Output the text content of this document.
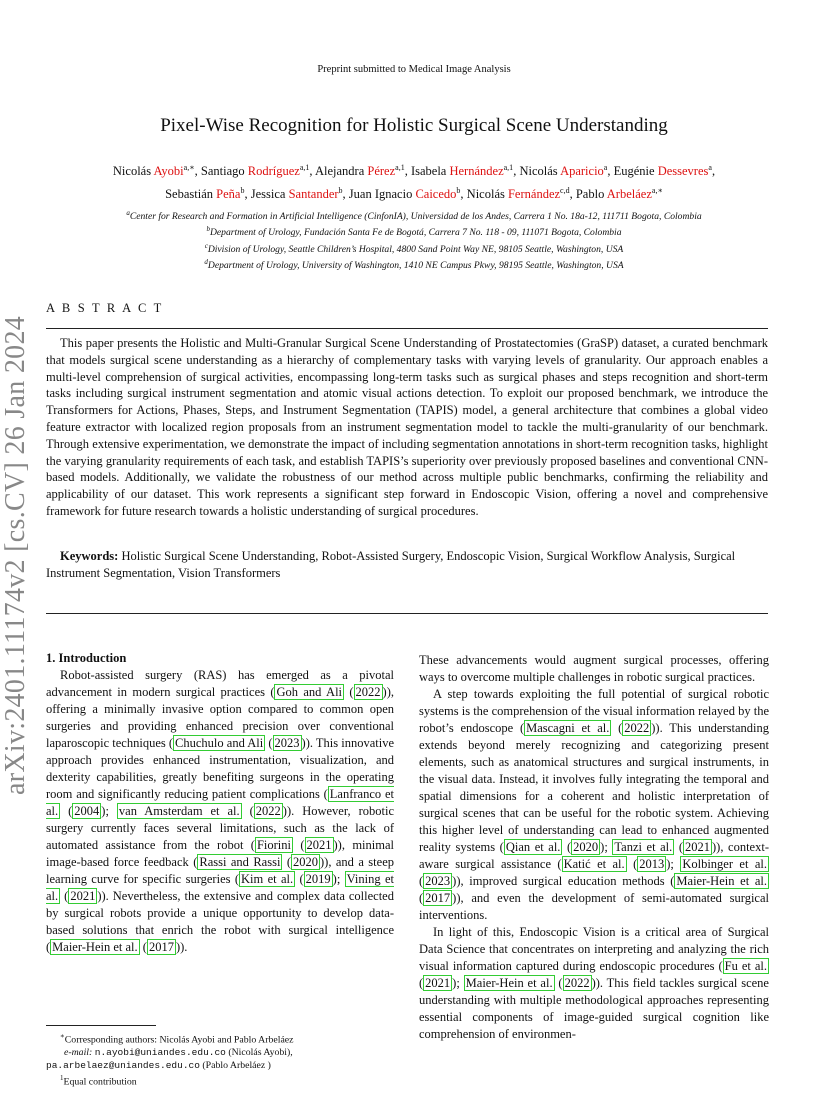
Preprint submitted to Medical Image Analysis
Pixel-Wise Recognition for Holistic Surgical Scene Understanding
Nicolás Ayobi$^{a,∗}$, Santiago Rodríguez$^{a,1}$, Alejandra Pérez$^{a,1}$, Isabela Hernández$^{a,1}$, Nicolás Aparicio$^a$, Eugénie Dessevres$^a$,
Sebastián Peña$^b$, Jessica Santander$^b$, Juan Ignacio Caicedo$^b$, Nicolás Fernández$^{c,d}$, Pablo Arbeláez$^{a,∗}$
$^a$Center for Research and Formation in Artificial Intelligence (CinfonIA), Universidad de los Andes, Carrera 1 No. 18a-12, 111711 Bogota, Colombia
$^b$Department of Urology, Fundación Santa Fe de Bogotá, Carrera 7 No. 118 - 09, 111071 Bogota, Colombia
$^c$Division of Urology, Seattle Children’s Hospital, 4800 Sand Point Way NE, 98105 Seattle, Washington, USA
$^d$Department of Urology, University of Washington, 1410 NE Campus Pkwy, 98195 Seattle, Washington, USA
arXiv:2401.11174v2 [cs.CV] 26 Jan 2024
A B S T R A C T
This paper presents the Holistic and Multi-Granular Surgical Scene Understanding of Prostatectomies (GraSP) dataset, a curated benchmark that models surgical scene understanding as a hierarchy of complementary tasks with varying levels of granularity. Our approach enables a multi-level comprehension of surgical activities, encompassing long-term tasks such as surgical phases and steps recognition and short-term tasks including surgical instrument segmentation and atomic visual actions detection. To exploit our proposed benchmark, we introduce the Transformers for Actions, Phases, Steps, and Instrument Segmentation (TAPIS) model, a general architecture that combines a global video feature extractor with localized region proposals from an instrument segmentation model to tackle the multi-granularity of our benchmark. Through extensive experimentation, we demonstrate the impact of including segmentation annotations in short-term recognition tasks, highlight the varying granularity requirements of each task, and establish TAPIS’s superiority over previously proposed baselines and conventional CNN-based models. Additionally, we validate the robustness of our method across multiple public benchmarks, confirming the reliability and applicability of our dataset. This work represents a significant step forward in Endoscopic Vision, offering a novel and comprehensive framework for future research towards a holistic understanding of surgical procedures.
Keywords: Holistic Surgical Scene Understanding, Robot-Assisted Surgery, Endoscopic Vision, Surgical Workflow Analysis, Surgical Instrument Segmentation, Vision Transformers

1. Introduction

Robot-assisted surgery (RAS) has emerged as a pivotal advancement in modern surgical practices ( Goh and Ali ( 2022 )), offering a minimally invasive option compared to common open surgeries and providing enhanced precision over conventional laparoscopic techniques ( Chuchulo and Ali ( 2023 )). This innovative approach provides enhanced instrumentation, visualization, and dexterity capabilities, greatly benefiting surgeons in the operating room and significantly reducing patient complications ( Lanfranco et al. ( 2004 ); van Amsterdam et al. ( 2022 )). However, robotic surgery currently faces several limitations, such as the lack of automated assistance from the robot ( Fiorini ( 2021 )), minimal image-based force feedback ( Rassi and Rassi ( 2020 )), and a steep learning curve for specific surgeries ( Kim et al. ( 2019 ); Vining et al. ( 2021 )). Nevertheless, the extensive and complex data collected by surgical robots provide a unique opportunity to develop data-based solutions that enrich the robot with surgical intelligence ( Maier-Hein et al. ( 2017 )).

These advancements would augment surgical processes, offering ways to overcome multiple challenges in robotic surgical practices.

A step towards exploiting the full potential of surgical robotic systems is the comprehension of the visual information relayed by the robot’s endoscope ( Mascagni et al. ( 2022 )). This understanding extends beyond merely recognizing and categorizing present elements, such as anatomical structures and surgical instruments, in the visual data. Instead, it involves fully integrating the temporal and spatial dimensions for a coherent and holistic interpretation of surgical scenes that can be useful for the robotic system. Achieving this higher level of understanding can lead to enhanced augmented reality systems ( Qian et al. ( 2020 ); Tanzi et al. ( 2021 )), context-aware surgical assistance ( Katić et al. ( 2013 ); Kolbinger et al. ( 2023 )), improved surgical education methods ( Maier-Hein et al. ( 2017 )), and even the development of semi-automated surgical interventions.

In light of this, Endoscopic Vision is a critical area of Surgical Data Science that concentrates on interpreting and analyzing the rich visual information captured during endoscopic procedures ( Fu et al. ( 2021 ); Maier-Hein et al. ( 2022 )). This field tackles surgical scene understanding with multiple methodological approaches representing essential components of image-guided surgical cognition like comprehension of environmen-

∗Corresponding authors: Nicolás Ayobi and Pablo Arbeláez
e-mail: n.ayobi@uniandes.edu.co (Nicolás Ayobi),
pa.arbelaez@uniandes.edu.co (Pablo Arbeláez )
$^1$Equal contribution
